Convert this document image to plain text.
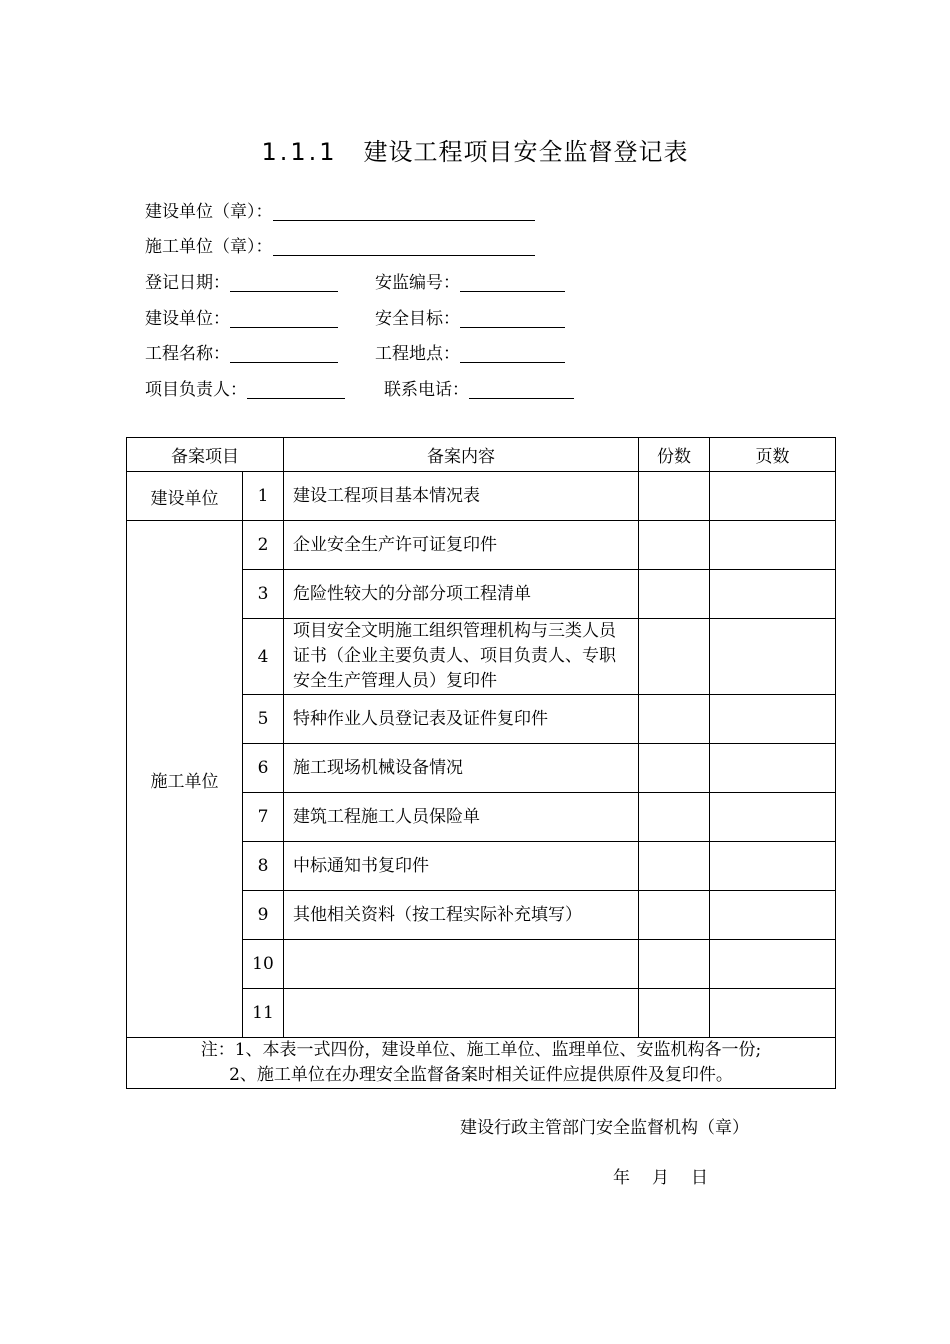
1.1.1 建设工程项目安全监督登记表
建设单位（章）：
施工单位（章）：
登记日期：	安监编号：
建设单位：	安全目标：
工程名称：	工程地点：
项目负责人：	联系电话：
备案项目		备案内容	份数	页数
建设单位	1	建设工程项目基本情况表		
施工单位	2	企业安全生产许可证复印件		
	3	危险性较大的分部分项工程清单		
	4	项目安全文明施工组织管理机构与三类人员证书（企业主要负责人、项目负责人、专职安全生产管理人员）复印件		
	5	特种作业人员登记表及证件复印件		
	6	施工现场机械设备情况		
	7	建筑工程施工人员保险单		
	8	中标通知书复印件		
	9	其他相关资料（按工程实际补充填写）		
	10			
	11			

注：1、本表一式四份，建设单位、施工单位、监理单位、安监机构各一份;
2、施工单位在办理安全监督备案时相关证件应提供原件及复印件。				
建设行政主管部门安全监督机构（章）
年 月 日
